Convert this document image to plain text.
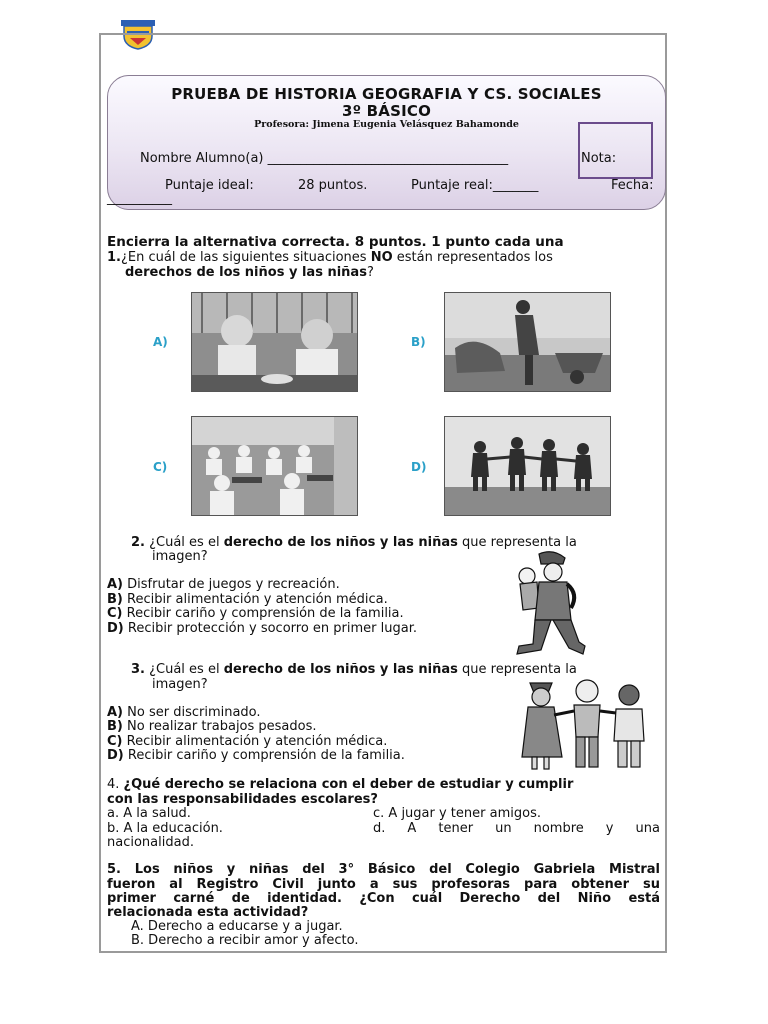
PRUEBA DE HISTORIA GEOGRAFIA Y CS. SOCIALES
3º BÁSICO
Profesora: Jimena Eugenia Velásquez Bahamonde
Nombre Alumno(a) _____________________________________	Nota:
Puntaje ideal:	28 puntos.	Puntaje real:_______	Fecha:
__________
Encierra la alternativa correcta. 8 puntos. 1 punto cada una
1.¿En cuál de las siguientes situaciones NO están representados los
derechos de los niños y las niñas?
A)	B)
C)	D)
2. ¿Cuál es el derecho de los niños y las niñas que representa la
imagen?
A) Disfrutar de juegos y recreación.
B) Recibir alimentación y atención médica.
C) Recibir cariño y comprensión de la familia.
D) Recibir protección y socorro en primer lugar.
3. ¿Cuál es el derecho de los niños y las niñas que representa la
imagen?
A) No ser discriminado.
B) No realizar trabajos pesados.
C) Recibir alimentación y atención médica.
D) Recibir cariño y comprensión de la familia.
4. ¿Qué derecho se relaciona con el deber de estudiar y cumplir
con las responsabilidades escolares?
a. A la salud.	c. A jugar y tener amigos.
b. A la educación.	d. A tener un nombre y una
nacionalidad.
5. Los niños y niñas del 3° Básico del Colegio Gabriela Mistral
fueron al Registro Civil junto a sus profesoras para obtener su
primer carné de identidad. ¿Con cuál Derecho del Niño está
relacionada esta actividad?
A. Derecho a educarse y a jugar.
B. Derecho a recibir amor y afecto.
